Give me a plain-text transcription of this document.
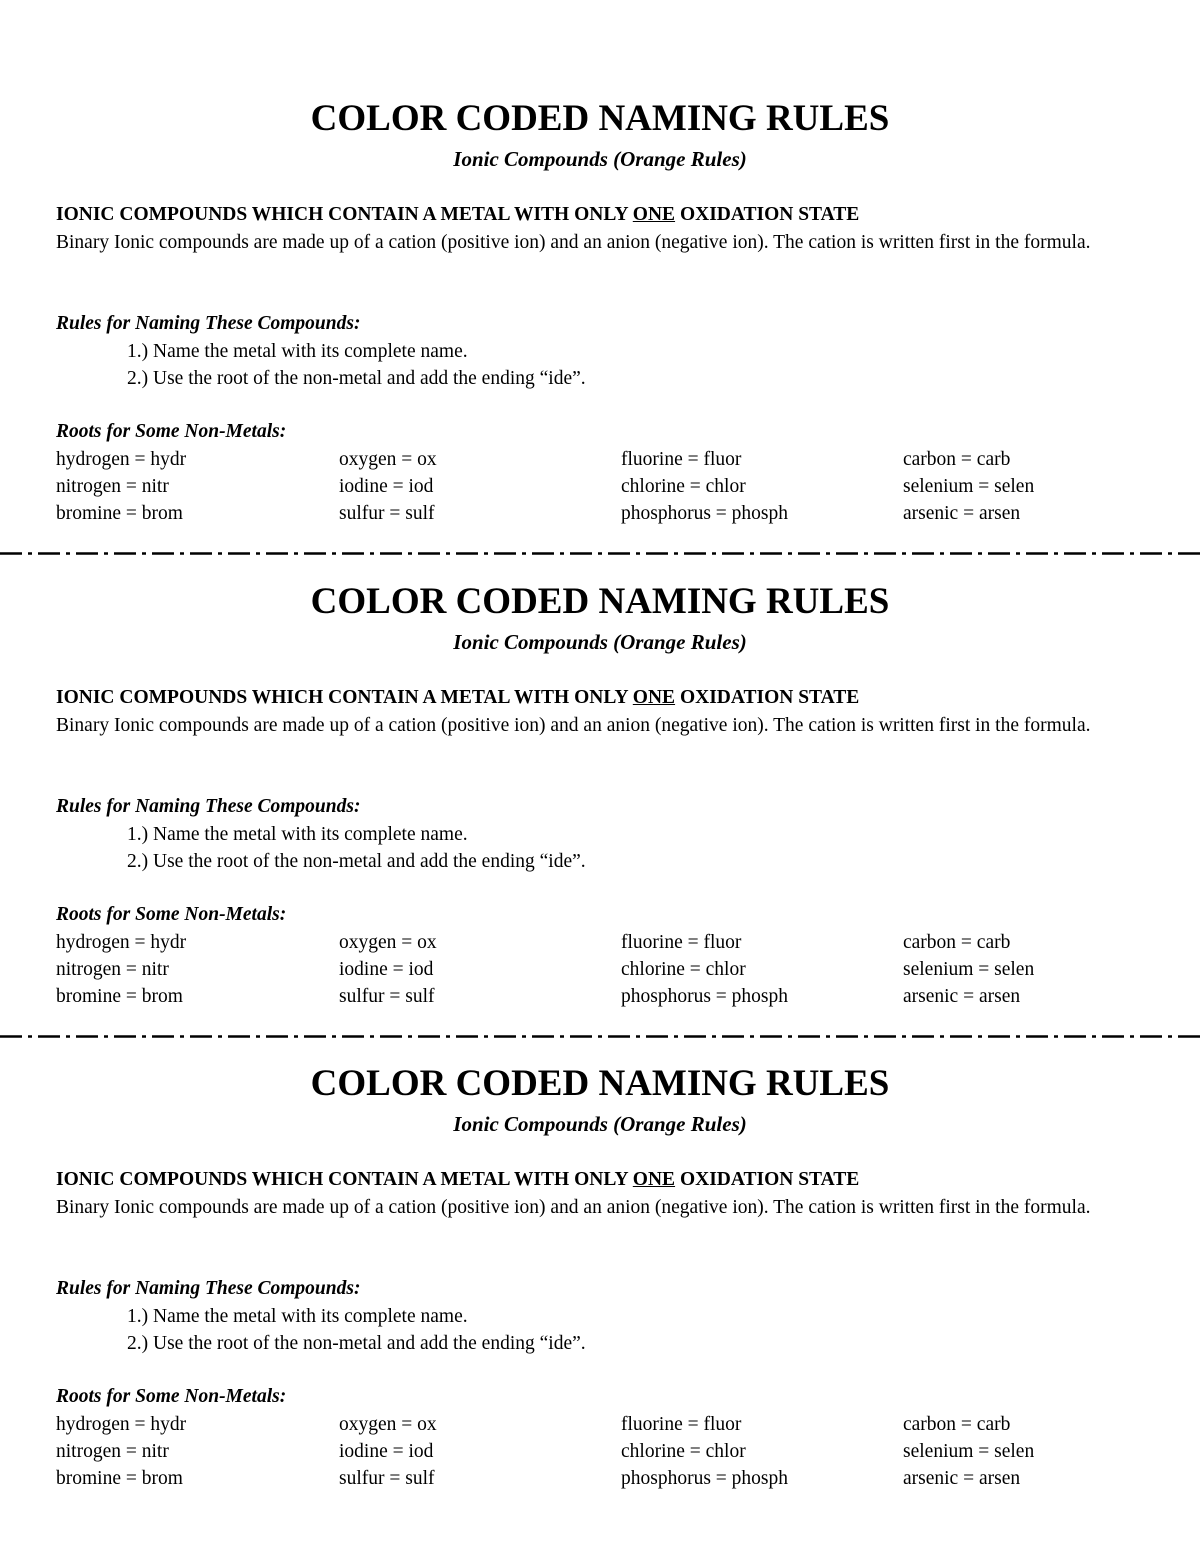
COLOR CODED NAMING RULES
Ionic Compounds (Orange Rules)
IONIC COMPOUNDS WHICH CONTAIN A METAL WITH ONLY ONE OXIDATION STATE
Binary Ionic compounds are made up of a cation (positive ion) and an anion (negative ion). The cation is written first in the formula.
Rules for Naming These Compounds:
1.) Name the metal with its complete name.
2.) Use the root of the non-metal and add the ending “ide”.
Roots for Some Non-Metals:
hydrogen = hydr
nitrogen = nitr
bromine = brom
oxygen = ox
iodine = iod
sulfur = sulf
fluorine = fluor
chlorine = chlor
phosphorus = phosph
carbon = carb
selenium = selen
arsenic = arsen
COLOR CODED NAMING RULES
Ionic Compounds (Orange Rules)
IONIC COMPOUNDS WHICH CONTAIN A METAL WITH ONLY ONE OXIDATION STATE
Binary Ionic compounds are made up of a cation (positive ion) and an anion (negative ion). The cation is written first in the formula.
Rules for Naming These Compounds:
1.) Name the metal with its complete name.
2.) Use the root of the non-metal and add the ending “ide”.
Roots for Some Non-Metals:
hydrogen = hydr
nitrogen = nitr
bromine = brom
oxygen = ox
iodine = iod
sulfur = sulf
fluorine = fluor
chlorine = chlor
phosphorus = phosph
carbon = carb
selenium = selen
arsenic = arsen
COLOR CODED NAMING RULES
Ionic Compounds (Orange Rules)
IONIC COMPOUNDS WHICH CONTAIN A METAL WITH ONLY ONE OXIDATION STATE
Binary Ionic compounds are made up of a cation (positive ion) and an anion (negative ion). The cation is written first in the formula.
Rules for Naming These Compounds:
1.) Name the metal with its complete name.
2.) Use the root of the non-metal and add the ending “ide”.
Roots for Some Non-Metals:
hydrogen = hydr
nitrogen = nitr
bromine = brom
oxygen = ox
iodine = iod
sulfur = sulf
fluorine = fluor
chlorine = chlor
phosphorus = phosph
carbon = carb
selenium = selen
arsenic = arsen
